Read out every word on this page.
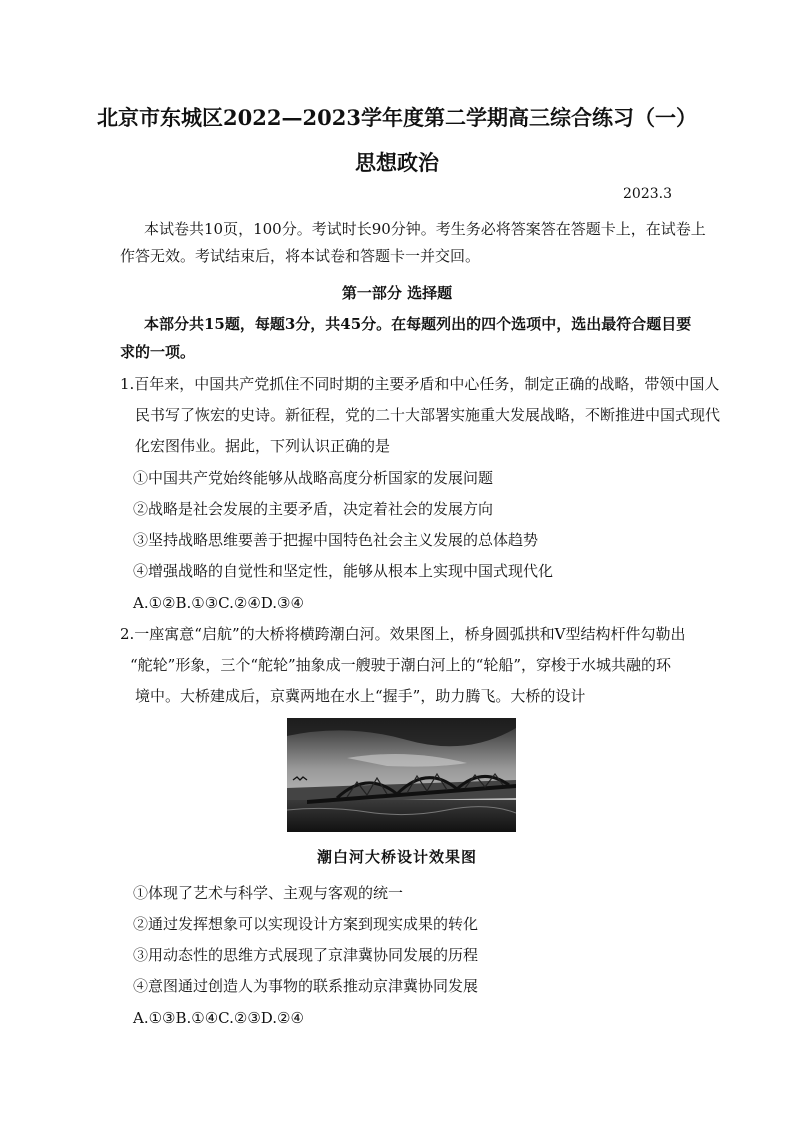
北京市东城区2022—2023学年度第二学期高三综合练习（一）
思想政治
2023.3
本试卷共10页，100分。考试时长90分钟。考生务必将答案答在答题卡上，在试卷上
作答无效。考试结束后，将本试卷和答题卡一并交回。
第一部分 选择题
本部分共15题，每题3分，共45分。在每题列出的四个选项中，选出最符合题目要
求的一项。
1.百年来，中国共产党抓住不同时期的主要矛盾和中心任务，制定正确的战略，带领中国人
民书写了恢宏的史诗。新征程，党的二十大部署实施重大发展战略，不断推进中国式现代
化宏图伟业。据此，下列认识正确的是
①中国共产党始终能够从战略高度分析国家的发展问题
②战略是社会发展的主要矛盾，决定着社会的发展方向
③坚持战略思维要善于把握中国特色社会主义发展的总体趋势
④增强战略的自觉性和坚定性，能够从根本上实现中国式现代化
A.①②B.①③C.②④D.③④
2.一座寓意“启航”的大桥将横跨潮白河。效果图上，桥身圆弧拱和V型结构杆件勾勒出
“舵轮”形象，三个“舵轮”抽象成一艘驶于潮白河上的“轮船”，穿梭于水城共融的环
境中。大桥建成后，京冀两地在水上“握手”，助力腾飞。大桥的设计
潮白河大桥设计效果图
①体现了艺术与科学、主观与客观的统一
②通过发挥想象可以实现设计方案到现实成果的转化
③用动态性的思维方式展现了京津冀协同发展的历程
④意图通过创造人为事物的联系推动京津冀协同发展
A.①③B.①④C.②③D.②④
